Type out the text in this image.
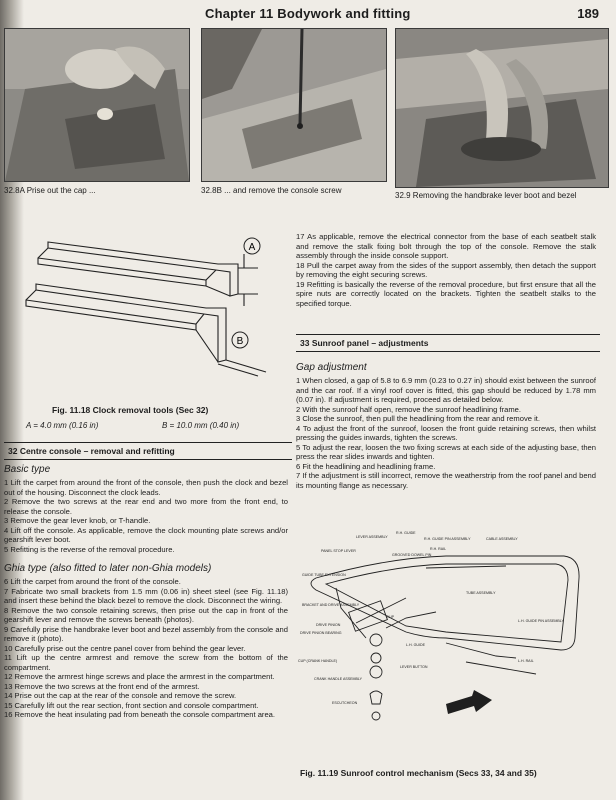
Chapter 11 Bodywork and fitting	189
32.8A Prise out the cap ...	32.8B ... and remove the console screw
32.9 Removing the handbrake lever boot and bezel
A
B
Fig. 11.18 Clock removal tools (Sec 32)
A = 4.0 mm (0.16 in)	B = 10.0 mm (0.40 in)
32 Centre console – removal and refitting
Basic type

1 Lift the carpet from around the front of the console, then push the clock and bezel out of the housing. Disconnect the clock leads.

2 Remove the two screws at the rear end and two more from the front end, to release the console.

3 Remove the gear lever knob, or T-handle.

4 Lift off the console. As applicable, remove the clock mounting plate screws and/or gearshift lever boot.

5 Refitting is the reverse of the removal procedure.

Ghia type (also fitted to later non-Ghia models)

6 Lift the carpet from around the front of the console.

7 Fabricate two small brackets from 1.5 mm (0.06 in) sheet steel (see Fig. 11.18) and insert these behind the black bezel to remove the clock. Disconnect the wiring.

8 Remove the two console retaining screws, then prise out the cap in front of the gearshift lever and remove the screws beneath (photos).

9 Carefully prise the handbrake lever boot and bezel assembly from the console and remove it (photo).

10 Carefully prise out the centre panel cover from behind the gear lever.

11 Lift up the centre armrest and remove the screw from the bottom of the compartment.

12 Remove the armrest hinge screws and place the armrest in the compartment.

13 Remove the two screws at the front end of the armrest.

14 Prise out the cap at the rear of the console and remove the screw.

15 Carefully lift out the rear section, front section and console compartment.

16 Remove the heat insulating pad from beneath the console compartment area.

17 As applicable, remove the electrical connector from the base of each seatbelt stalk and remove the stalk fixing bolt through the top of the console. Remove the stalk assembly through the inside console support.

18 Pull the carpet away from the sides of the support assembly, then detach the support by removing the eight securing screws.

19 Refitting is basically the reverse of the removal procedure, but first ensure that all the spire nuts are correctly located on the brackets. Tighten the seatbelt stalks to the specified torque.

33 Sunroof panel – adjustments
Gap adjustment

1 When closed, a gap of 5.8 to 6.9 mm (0.23 to 0.27 in) should exist between the sunroof and the car roof. If a vinyl roof cover is fitted, this gap should be reduced by 1.78 mm (0.07 in). If adjustment is required, proceed as detailed below.

2 With the sunroof half open, remove the sunroof headlining frame.

3 Close the sunroof, then pull the headlining from the rear and remove it.

4 To adjust the front of the sunroof, loosen the front guide retaining screws, then whilst pressing the guides inwards, tighten the screws.

5 To adjust the rear, loosen the two fixing screws at each side of the adjusting base, then press the rear slides inwards and tighten.

6 Fit the headlining and headlining frame.

7 If the adjustment is still incorrect, remove the weatherstrip from the roof panel and bend its mounting flange as necessary.

LEVER ASSEMBLY
R.H. GUIDE
R.H. GUIDE PIN ASSEMBLY	CABLE ASSEMBLY
PANEL STOP LEVER
GROOVED DOWEL PIN
R.H. RAIL
GUIDE TUBE EXTENSION
TUBE ASSEMBLY
BRACKET AND DRIVE ASSEMBLY
CLIP
DRIVE PINION
DRIVE PINION BEARING
L.H. GUIDE PIN ASSEMBLY
L.H. GUIDE
L.H. RAIL
CUP (CRANK HANDLE)
LEVER BUTTON
CRANK HANDLE ASSEMBLY
ESCUTCHEON
Fig. 11.19 Sunroof control mechanism (Secs 33, 34 and 35)
